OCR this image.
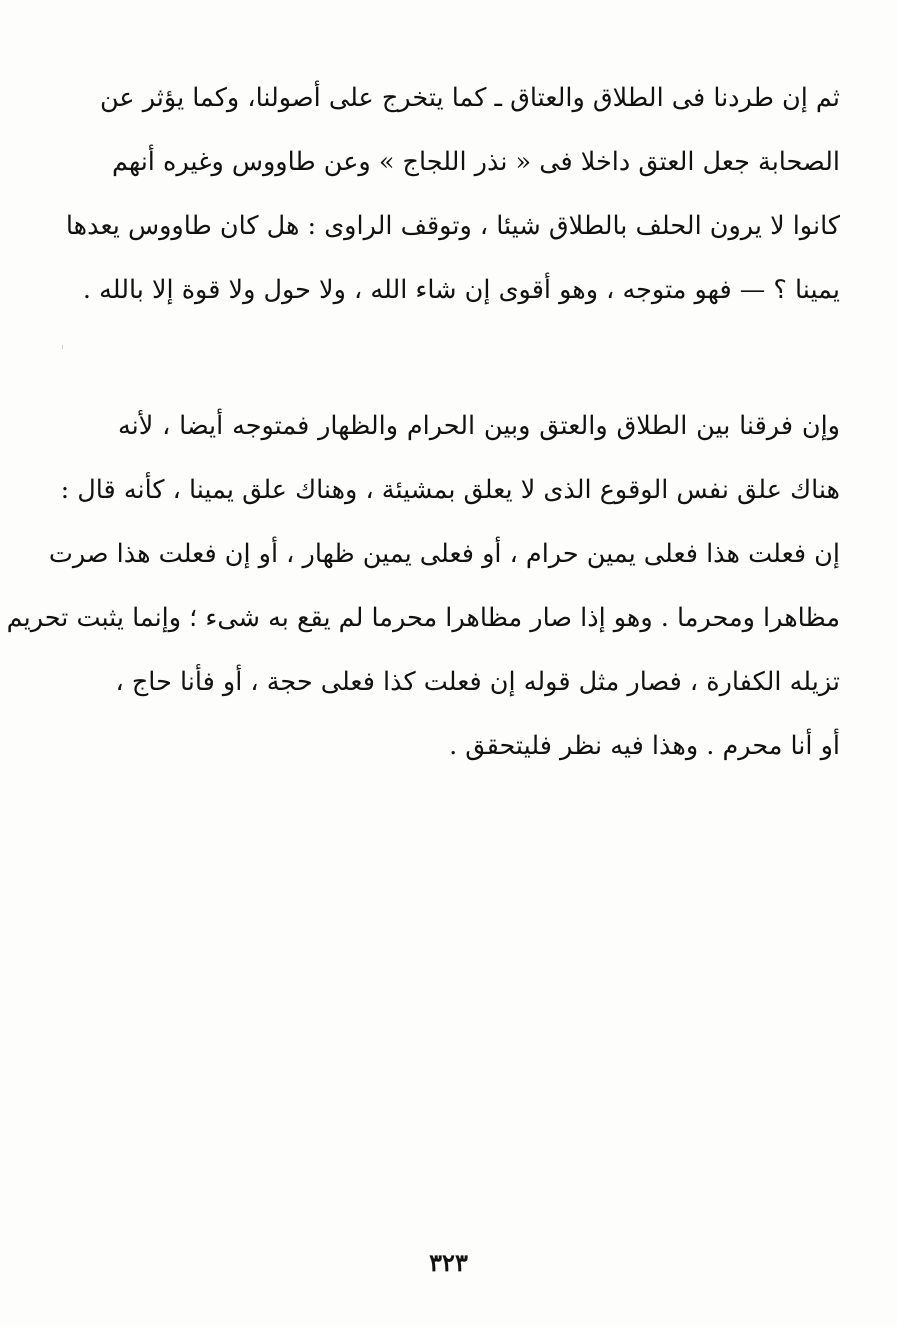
ثم إن طردنا فى الطلاق والعتاق ـ كما يتخرج على أصولنا، وكما يؤثر عن
الصحابة جعل العتق داخلا فى « نذر اللجاج » وعن طاووس وغيره أنهم
كانوا لا يرون الحلف بالطلاق شيئا ، وتوقف الراوى : هل كان طاووس يعدها
يمينا ؟ — فهو متوجه ، وهو أقوى إن شاء الله ، ولا حول ولا قوة إلا بالله .
وإن فرقنا بين الطلاق والعتق وبين الحرام والظهار فمتوجه أيضا ، لأنه
هناك علق نفس الوقوع الذى لا يعلق بمشيئة ، وهناك علق يمينا ، كأنه قال :
إن فعلت هذا فعلى يمين حرام ، أو فعلى يمين ظهار ، أو إن فعلت هذا صرت
مظاهرا ومحرما . وهو إذا صار مظاهرا محرما لم يقع به شىء ؛ وإنما يثبت تحريم
تزيله الكفارة ، فصار مثل قوله إن فعلت كذا فعلى حجة ، أو فأنا حاج ،
أو أنا محرم . وهذا فيه نظر فليتحقق .
٣٢٣
